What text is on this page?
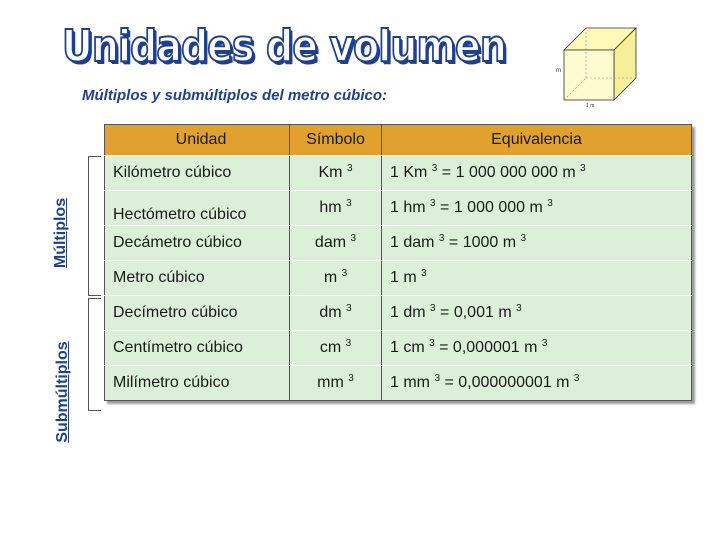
Unidades de volumen
Múltiplos y submúltiplos del metro cúbico:
m
1 m
Múltiplos
Submúltiplos
Unidad	Símbolo	Equivalencia
Kilómetro cúbico	Km $^3$	1 Km $^3$ = 1 000 000 000 m $^3$

Hectómetro cúbico	hm $^3$	1 hm $^3$ = 1 000 000 m $^3$
Decámetro cúbico	dam $^3$	1 dam $^3$ = 1000 m $^3$
Metro cúbico	m $^3$	1 m $^3$
Decímetro cúbico	dm $^3$	1 dm $^3$ = 0,001 m $^3$
Centímetro cúbico	cm $^3$	1 cm $^3$ = 0,000001 m $^3$
Milímetro cúbico	mm $^3$	1 mm $^3$ = 0,000000001 m $^3$
